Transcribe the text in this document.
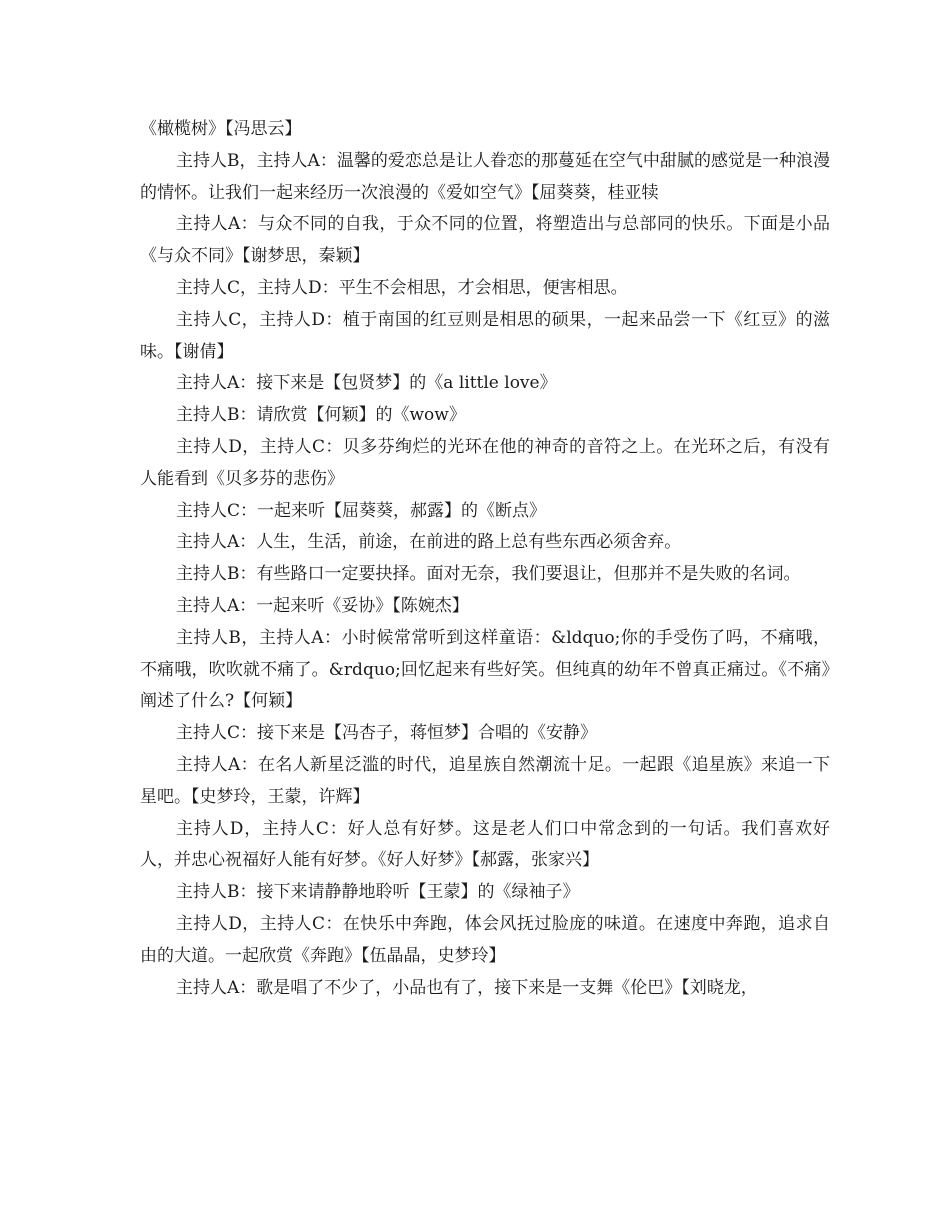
《橄榄树》【冯思云】

主持人B，主持人A：温馨的爱恋总是让人眷恋的那蔓延在空气中甜腻的感觉是一种浪漫的情怀。让我们一起来经历一次浪漫的《爱如空气》【屈葵葵，桂亚犊

主持人A：与众不同的自我，于众不同的位置，将塑造出与总部同的快乐。下面是小品《与众不同》【谢梦思，秦颖】

主持人C，主持人D：平生不会相思，才会相思，便害相思。

主持人C，主持人D：植于南国的红豆则是相思的硕果，一起来品尝一下《红豆》的滋味。【谢倩】

主持人A：接下来是【包贤梦】的《a little love》

主持人B：请欣赏【何颖】的《wow》

主持人D，主持人C：贝多芬绚烂的光环在他的神奇的音符之上。在光环之后，有没有人能看到《贝多芬的悲伤》

主持人C：一起来听【屈葵葵，郝露】的《断点》

主持人A：人生，生活，前途，在前进的路上总有些东西必须舍弃。

主持人B：有些路口一定要抉择。面对无奈，我们要退让，但那并不是失败的名词。

主持人A：一起来听《妥协》【陈婉杰】

主持人B，主持人A：小时候常常听到这样童语：&ldquo;你的手受伤了吗，不痛哦，不痛哦，吹吹就不痛了。&rdquo;回忆起来有些好笑。但纯真的幼年不曾真正痛过。《不痛》阐述了什么?【何颖】

主持人C：接下来是【冯杏子，蒋恒梦】合唱的《安静》

主持人A：在名人新星泛滥的时代，追星族自然潮流十足。一起跟《追星族》来追一下星吧。【史梦玲，王蒙，许辉】

主持人D，主持人C：好人总有好梦。这是老人们口中常念到的一句话。我们喜欢好人，并忠心祝福好人能有好梦。《好人好梦》【郝露，张家兴】

主持人B：接下来请静静地聆听【王蒙】的《绿袖子》

主持人D，主持人C：在快乐中奔跑，体会风抚过脸庞的味道。在速度中奔跑，追求自由的大道。一起欣赏《奔跑》【伍晶晶，史梦玲】

主持人A：歌是唱了不少了，小品也有了，接下来是一支舞《伦巴》【刘晓龙，
